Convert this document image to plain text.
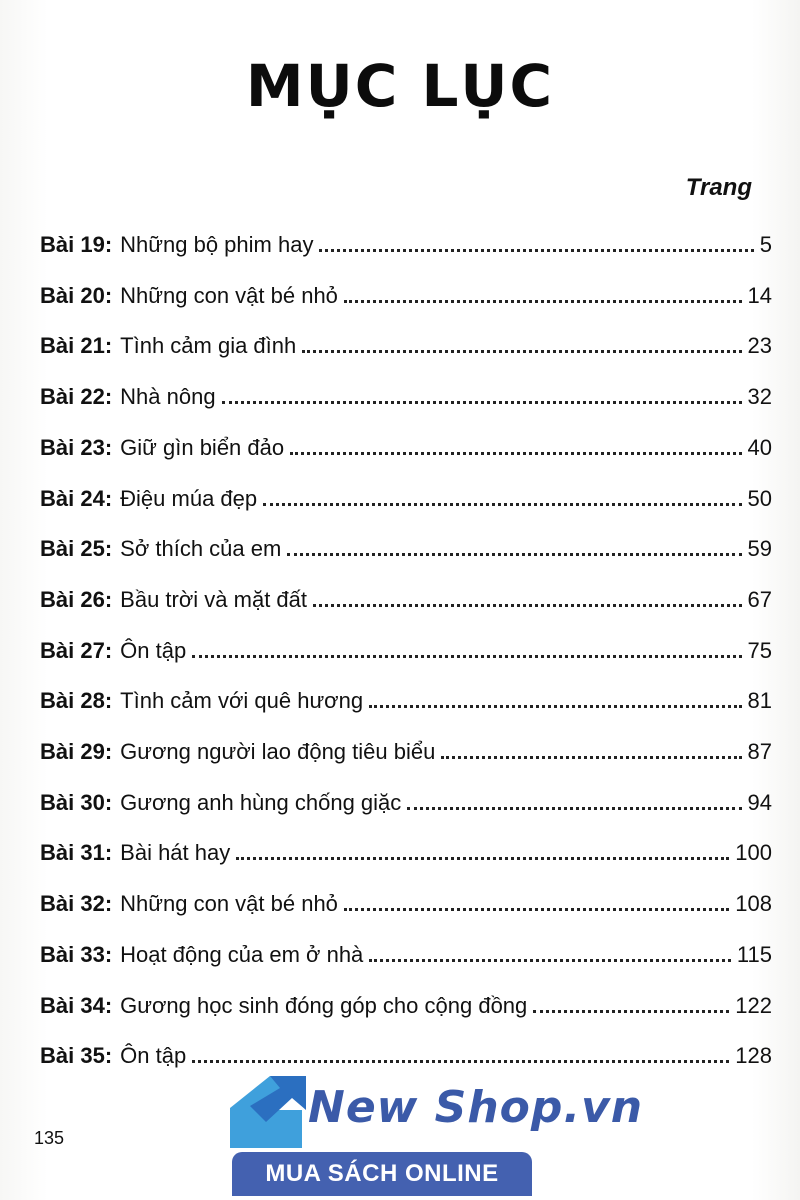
MỤC LỤC
Trang
Bài 19: Những bộ phim hay	5
Bài 20: Những con vật bé nhỏ	14
Bài 21: Tình cảm gia đình	23
Bài 22: Nhà nông	32
Bài 23: Giữ gìn biển đảo	40
Bài 24: Điệu múa đẹp	50
Bài 25: Sở thích của em	59
Bài 26: Bầu trời và mặt đất	67
Bài 27: Ôn tập	75
Bài 28: Tình cảm với quê hương	81
Bài 29: Gương người lao động tiêu biểu	87
Bài 30: Gương anh hùng chống giặc	94
Bài 31: Bài hát hay	100
Bài 32: Những con vật bé nhỏ	108
Bài 33: Hoạt động của em ở nhà	115
Bài 34: Gương học sinh đóng góp cho cộng đồng	122
Bài 35: Ôn tập	128
135
New Shop.vn
MUA SÁCH ONLINE
